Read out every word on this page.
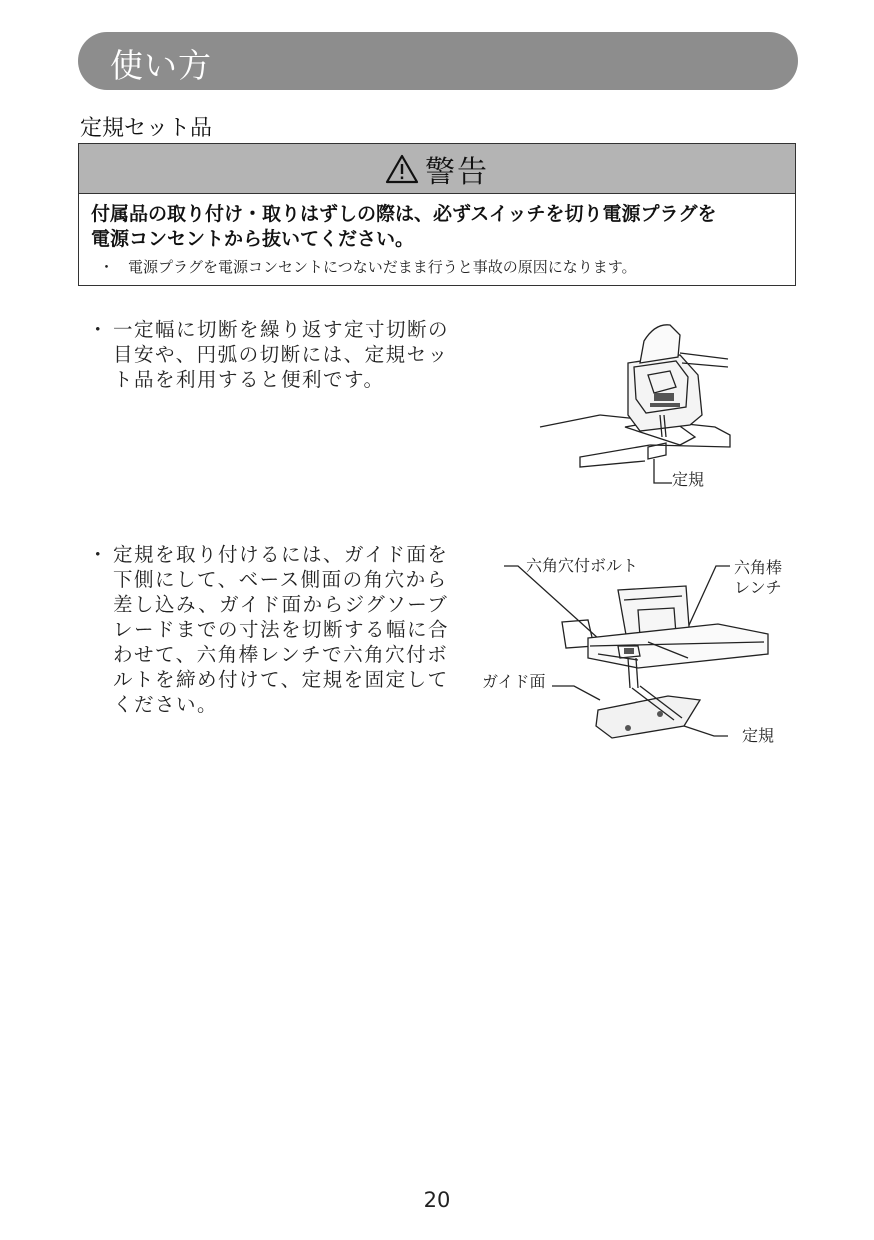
使い方
定規セット品
警告
付属品の取り付け・取りはずしの際は、必ずスイッチを切り電源プラグを
電源コンセントから抜いてください。
・ 電源プラグを電源コンセントにつないだまま行うと事故の原因になります。
・ 一定幅に切断を繰り返す定寸切断の目安や、円弧の切断には、定規セット品を利用すると便利です。
定規
・ 定規を取り付けるには、ガイド面を下側にして、ベース側面の角穴から差し込み、ガイド面からジグソーブレードまでの寸法を切断する幅に合わせて、六角棒レンチで六角穴付ボルトを締め付けて、定規を固定してください。
六角穴付ボルト	六角棒
レンチ
ガイド面
定規
20
